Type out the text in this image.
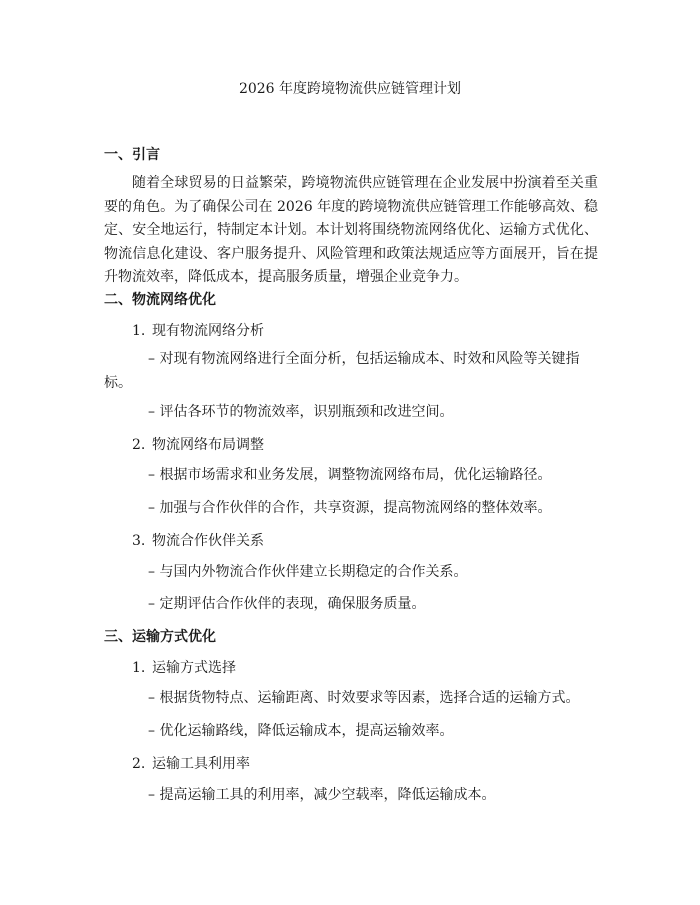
2026 年度跨境物流供应链管理计划
一、引言

随着全球贸易的日益繁荣，跨境物流供应链管理在企业发展中扮演着至关重要的角色。为了确保公司在 2026 年度的跨境物流供应链管理工作能够高效、稳定、安全地运行，特制定本计划。本计划将围绕物流网络优化、运输方式优化、物流信息化建设、客户服务提升、风险管理和政策法规适应等方面展开，旨在提升物流效率，降低成本，提高服务质量，增强企业竞争力。

二、物流网络优化
1. 现有物流网络分析

– 对现有物流网络进行全面分析，包括运输成本、时效和风险等关键指标。

– 评估各环节的物流效率，识别瓶颈和改进空间。

2. 物流网络布局调整

– 根据市场需求和业务发展，调整物流网络布局，优化运输路径。

– 加强与合作伙伴的合作，共享资源，提高物流网络的整体效率。

3. 物流合作伙伴关系

– 与国内外物流合作伙伴建立长期稳定的合作关系。

– 定期评估合作伙伴的表现，确保服务质量。

三、运输方式优化
1. 运输方式选择

– 根据货物特点、运输距离、时效要求等因素，选择合适的运输方式。

– 优化运输路线，降低运输成本，提高运输效率。

2. 运输工具利用率

– 提高运输工具的利用率，减少空载率，降低运输成本。
